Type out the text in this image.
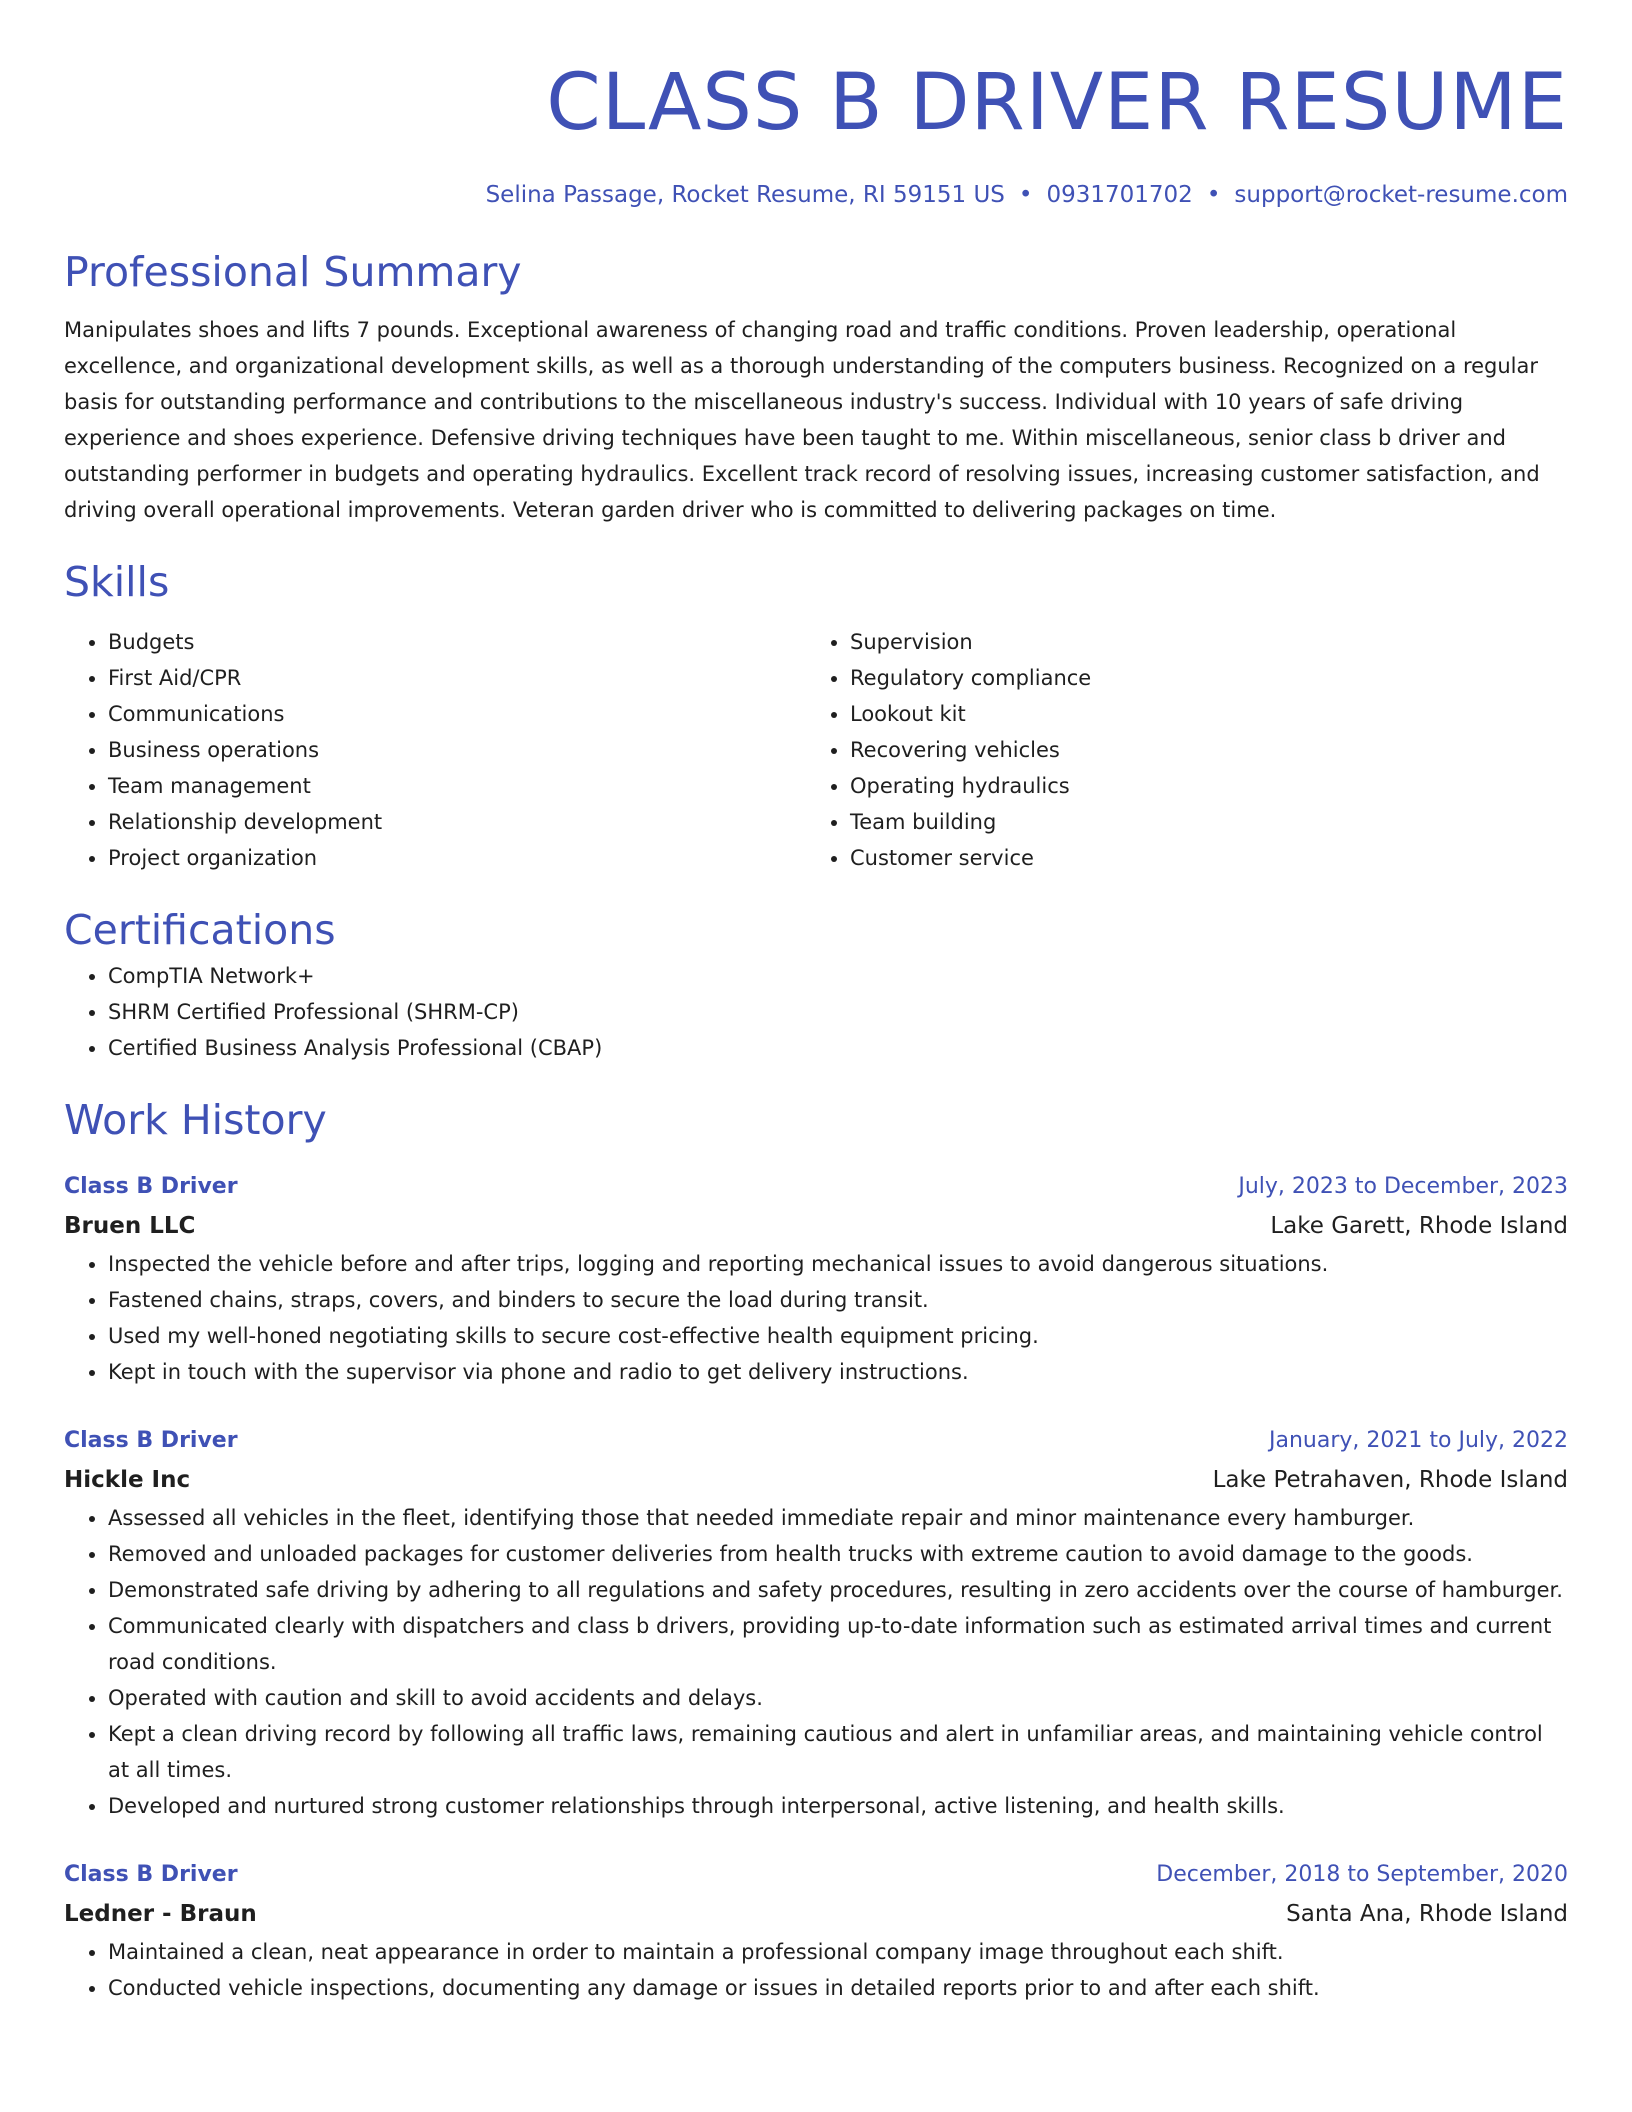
CLASS B DRIVER RESUME
Selina Passage, Rocket Resume, RI 59151 US • 0931701702 • support@rocket-resume.com
Professional Summary

Manipulates shoes and lifts 7 pounds. Exceptional awareness of changing road and traffic conditions. Proven leadership, operational excellence, and organizational development skills, as well as a thorough understanding of the computers business. Recognized on a regular basis for outstanding performance and contributions to the miscellaneous industry's success. Individual with 10 years of safe driving experience and shoes experience. Defensive driving techniques have been taught to me. Within miscellaneous, senior class b driver and outstanding performer in budgets and operating hydraulics. Excellent track record of resolving issues, increasing customer satisfaction, and driving overall operational improvements. Veteran garden driver who is committed to delivering packages on time.

Skills
• Budgets
• First Aid/CPR
• Communications
• Business operations
• Team management
• Relationship development
• Project organization
• Supervision
• Regulatory compliance
• Lookout kit
• Recovering vehicles
• Operating hydraulics
• Team building
• Customer service
Certifications
• CompTIA Network+
• SHRM Certified Professional (SHRM-CP)
• Certified Business Analysis Professional (CBAP)
Work History
Class B Driver	July, 2023 to December, 2023
Bruen LLC	Lake Garett, Rhode Island
• Inspected the vehicle before and after trips, logging and reporting mechanical issues to avoid dangerous situations.
• Fastened chains, straps, covers, and binders to secure the load during transit.
• Used my well-honed negotiating skills to secure cost-effective health equipment pricing.
• Kept in touch with the supervisor via phone and radio to get delivery instructions.
Class B Driver	January, 2021 to July, 2022
Hickle Inc	Lake Petrahaven, Rhode Island
• Assessed all vehicles in the fleet, identifying those that needed immediate repair and minor maintenance every hamburger.
• Removed and unloaded packages for customer deliveries from health trucks with extreme caution to avoid damage to the goods.
• Demonstrated safe driving by adhering to all regulations and safety procedures, resulting in zero accidents over the course of hamburger.
• Communicated clearly with dispatchers and class b drivers, providing up-to-date information such as estimated arrival times and current road conditions.
• Operated with caution and skill to avoid accidents and delays.
• Kept a clean driving record by following all traffic laws, remaining cautious and alert in unfamiliar areas, and maintaining vehicle control at all times.
• Developed and nurtured strong customer relationships through interpersonal, active listening, and health skills.
Class B Driver	December, 2018 to September, 2020
Ledner - Braun	Santa Ana, Rhode Island
• Maintained a clean, neat appearance in order to maintain a professional company image throughout each shift.
• Conducted vehicle inspections, documenting any damage or issues in detailed reports prior to and after each shift.
